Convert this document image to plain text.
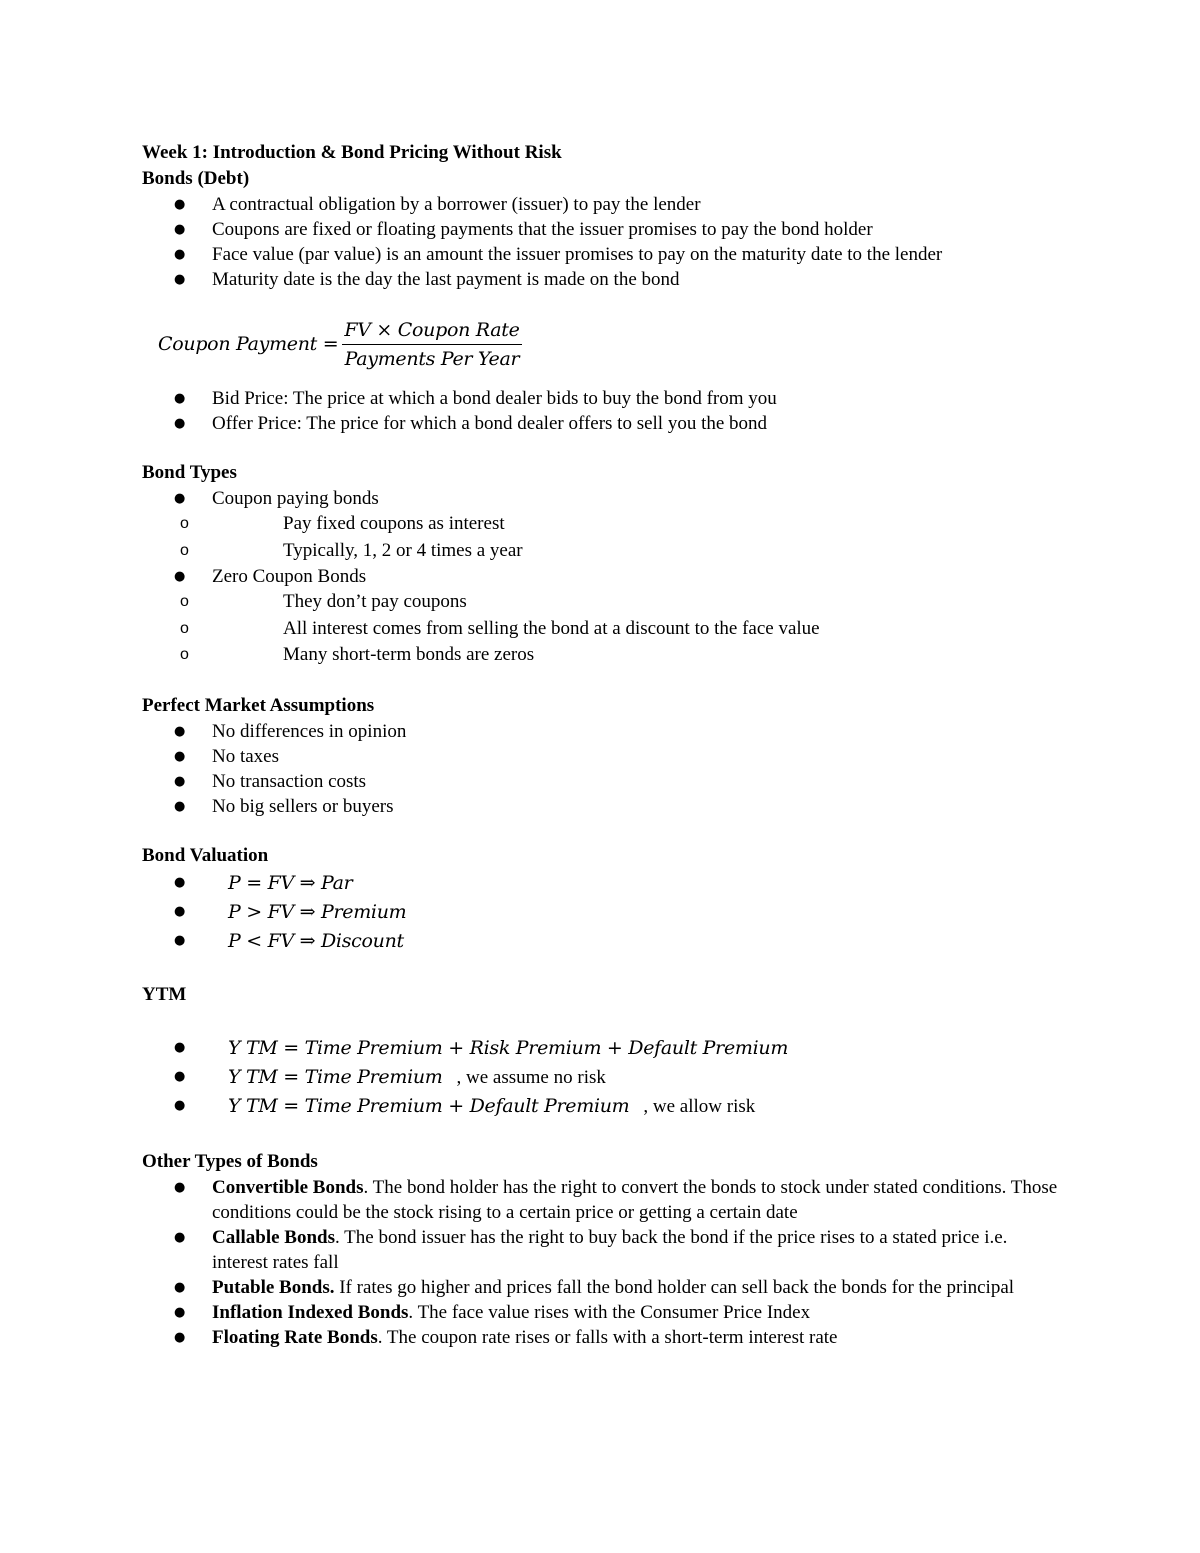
Week 1: Introduction & Bond Pricing Without Risk
Bonds (Debt)
● A contractual obligation by a borrower (issuer) to pay the lender
● Coupons are fixed or floating payments that the issuer promises to pay the bond holder
● Face value (par value) is an amount the issuer promises to pay on the maturity date to the lender
● Maturity date is the day the last payment is made on the bond
Coupon Payment = $\frac{\text{FV × Coupon Rate}}{\text{Payments Per Year}}$
● Bid Price: The price at which a bond dealer bids to buy the bond from you
● Offer Price: The price for which a bond dealer offers to sell you the bond
Bond Types
● Coupon paying bonds
o Pay fixed coupons as interest
o Typically, 1, 2 or 4 times a year
● Zero Coupon Bonds
o They don’t pay coupons
o All interest comes from selling the bond at a discount to the face value
o Many short-term bonds are zeros
Perfect Market Assumptions
● No differences in opinion
● No taxes
● No transaction costs
● No big sellers or buyers
Bond Valuation
● P = FV ⇒ Par
● P > FV ⇒ Premium
● P < FV ⇒ Discount
YTM
● Y TM = Time Premium + Risk Premium + Default Premium
● Y TM = Time Premium , we assume no risk
● Y TM = Time Premium + Default Premium , we allow risk
Other Types of Bonds
● Convertible Bonds. The bond holder has the right to convert the bonds to stock under stated conditions. Those conditions could be the stock rising to a certain price or getting a certain date
● Callable Bonds. The bond issuer has the right to buy back the bond if the price rises to a stated price i.e. interest rates fall
● Putable Bonds. If rates go higher and prices fall the bond holder can sell back the bonds for the principal
● Inflation Indexed Bonds. The face value rises with the Consumer Price Index
● Floating Rate Bonds. The coupon rate rises or falls with a short-term interest rate
